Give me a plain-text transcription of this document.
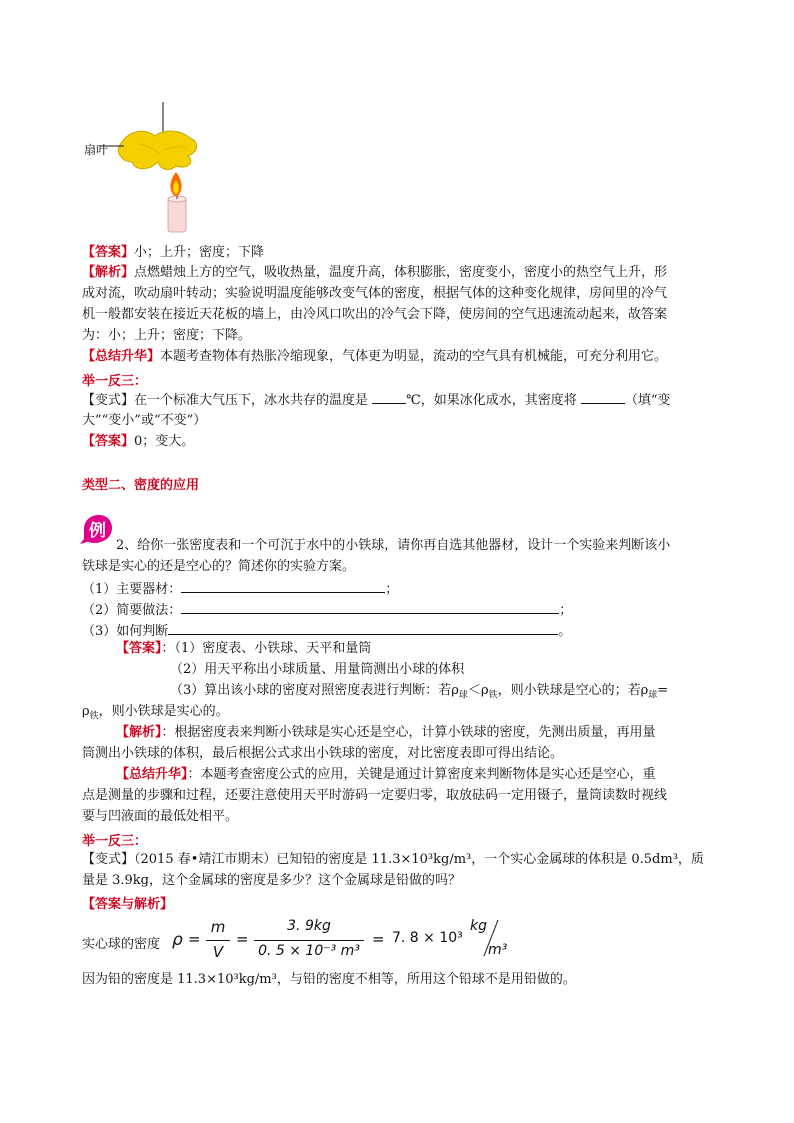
扇叶
【答案】小；上升；密度；下降
【解析】点燃蜡烛上方的空气，吸收热量，温度升高，体积膨胀，密度变小，密度小的热空气上升，形
成对流，吹动扇叶转动；实验说明温度能够改变气体的密度，根据气体的这种变化规律，房间里的冷气
机一般都安装在接近天花板的墙上，由冷风口吹出的冷气会下降，使房间的空气迅速流动起来，故答案
为：小；上升；密度；下降。
【总结升华】本题考查物体有热胀冷缩现象，气体更为明显，流动的空气具有机械能，可充分利用它。
举一反三：
【变式】在一个标准大气压下，冰水共存的温度是	℃，如果冰化成水，其密度将	（填“变
大”“变小”或“不变”）
【答案】0；变大。
类型二、密度的应用
例
2、给你一张密度表和一个可沉于水中的小铁球，请你再自选其他器材，设计一个实验来判断该小
铁球是实心的还是空心的？简述你的实验方案。
（1）主要器材：	；
（2）简要做法：	；
（3）如何判断	。
【答案】：（1）密度表、小铁球、天平和量筒
（2）用天平称出小球质量、用量筒测出小球的体积
（3）算出该小球的密度对照密度表进行判断：若$\rho_球<\rho_铁$，则小铁球是空心的；若$\rho_球=$
$\rho_铁$，则小铁球是实心的。
【解析】：根据密度表来判断小铁球是实心还是空心，计算小铁球的密度，先测出质量，再用量
筒测出小铁球的体积，最后根据公式求出小铁球的密度，对比密度表即可得出结论。
【总结升华】：本题考查密度公式的应用，关键是通过计算密度来判断物体是实心还是空心，重
点是测量的步骤和过程，还要注意使用天平时游码一定要归零，取放砝码一定用镊子，量筒读数时视线
要与凹液面的最低处相平。
举一反三：
【变式】（2015 春•靖江市期末）已知铅的密度是 11.3×10³kg/m³，一个实心金属球的体积是 0.5dm³，质
量是 3.9kg，这个金属球的密度是多少？这个金属球是铅做的吗？
【答案与解析】
实心球的密度 ρ =
m
V
=
3. 9kg
0. 5 × 10⁻³ m³
= 7. 8 × 10³
kg
m³
因为铅的密度是 11.3×10³kg/m³，与铅的密度不相等，所用这个铅球不是用铅做的。
